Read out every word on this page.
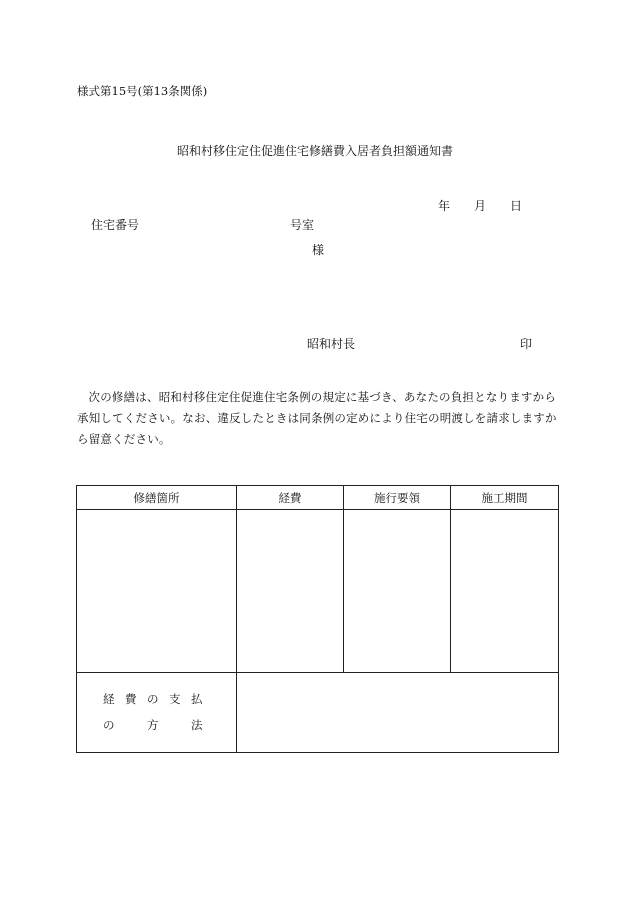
様式第15号(第13条関係)
昭和村移住定住促進住宅修繕費入居者負担額通知書
年 月 日
住宅番号	号室
様
昭和村長	印
次の修繕は、昭和村移住定住促進住宅条例の規定に基づき、あなたの負担となりますから承知してください。なお、違反したときは同条例の定めにより住宅の明渡しを請求しますから留意ください。
修繕箇所	経費	施行要領	施工期間

経 費 の 支 払
の 方 法			
